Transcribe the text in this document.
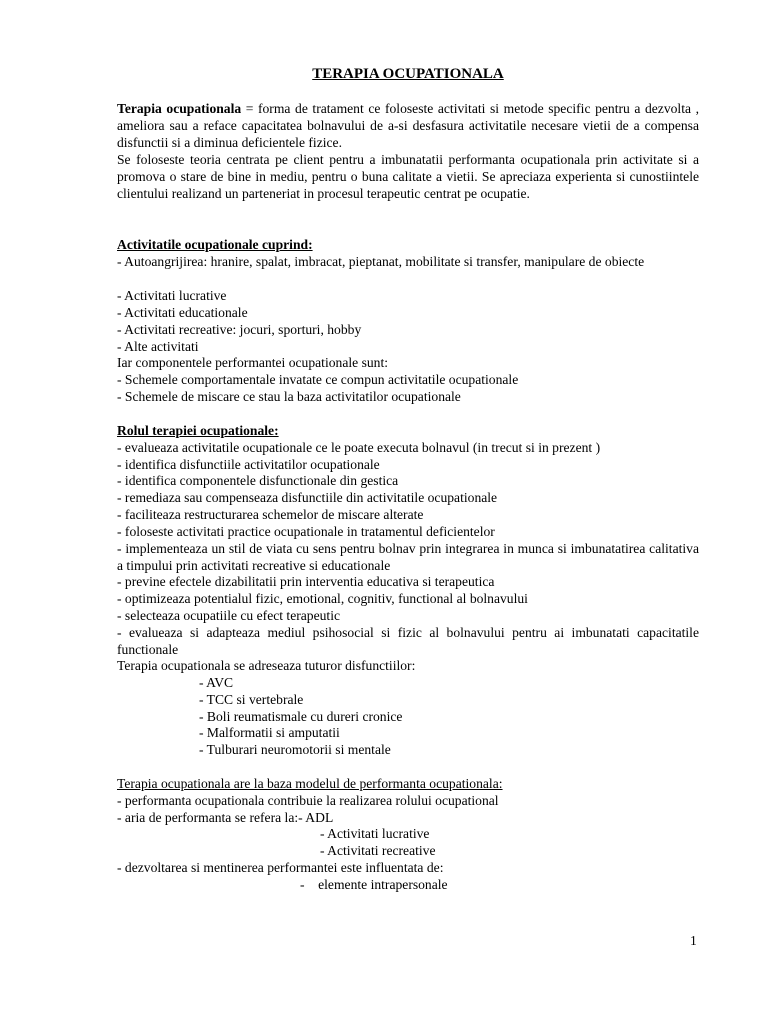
TERAPIA OCUPATIONALA
Terapia ocupationala = forma de tratament ce foloseste activitati si metode specific pentru a dezvolta , ameliora sau a reface capacitatea bolnavului de a-si desfasura activitatile necesare vietii de a compensa disfunctii si a diminua deficientele fizice.
Se foloseste teoria centrata pe client pentru a imbunatatii performanta ocupationala prin activitate si a promova o stare de bine in mediu, pentru o buna calitate a vietii. Se apreciaza experienta si cunostiintele clientului realizand un parteneriat in procesul terapeutic centrat pe ocupatie.
Activitatile ocupationale cuprind:
- Autoangrijirea: hranire, spalat, imbracat, pieptanat, mobilitate si transfer, manipulare de obiecte
- Activitati lucrative
- Activitati educationale
- Activitati recreative: jocuri, sporturi, hobby
- Alte activitati
Iar componentele performantei ocupationale sunt:
- Schemele comportamentale invatate ce compun activitatile ocupationale
- Schemele de miscare ce stau la baza activitatilor ocupationale
Rolul terapiei ocupationale:
- evalueaza activitatile ocupationale ce le poate executa bolnavul (in trecut si in prezent )
- identifica disfunctiile activitatilor ocupationale
- identifica componentele disfunctionale din gestica
- remediaza sau compenseaza disfunctiile din activitatile ocupationale
- faciliteaza restructurarea schemelor de miscare alterate
- foloseste activitati practice ocupationale in tratamentul deficientelor
- implementeaza un stil de viata cu sens pentru bolnav prin integrarea in munca si imbunatatirea calitativa a timpului prin activitati recreative si educationale
- previne efectele dizabilitatii prin interventia educativa si terapeutica
- optimizeaza potentialul fizic, emotional, cognitiv, functional al bolnavului
- selecteaza ocupatiile cu efect terapeutic
- evalueaza si adapteaza mediul psihosocial si fizic al bolnavului pentru ai imbunatati capacitatile functionale
Terapia ocupationala se adreseaza tuturor disfunctiilor:
- AVC
- TCC si vertebrale
- Boli reumatismale cu dureri cronice
- Malformatii si amputatii
- Tulburari neuromotorii si mentale
Terapia ocupationala are la baza modelul de performanta ocupationala:
- performanta ocupationala contribuie la realizarea rolului ocupational
- aria de performanta se refera la:- ADL
- Activitati lucrative
- Activitati recreative
- dezvoltarea si mentinerea performantei este influentata de:
-    elemente intrapersonale
1
